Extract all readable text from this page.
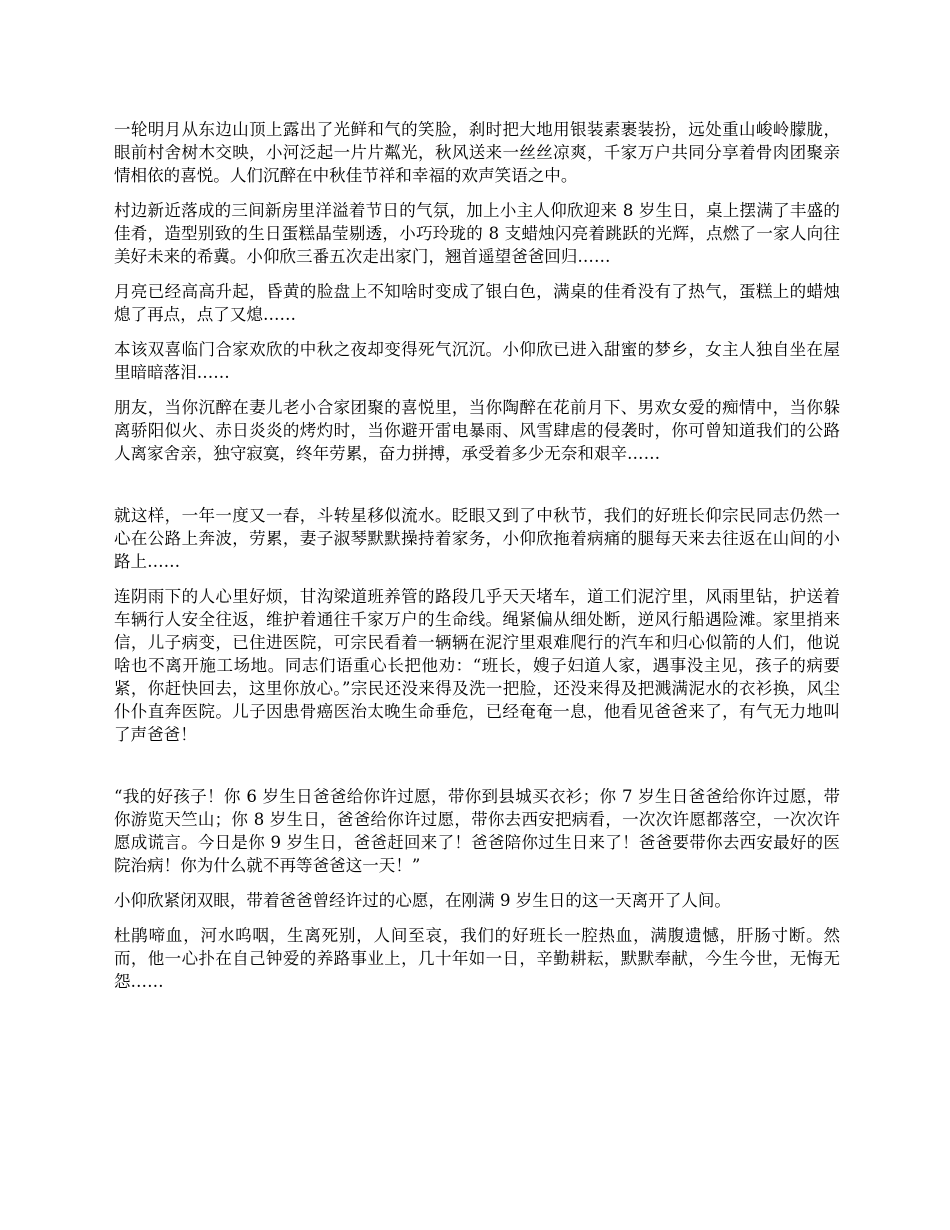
一轮明月从东边山顶上露出了光鲜和气的笑脸，刹时把大地用银装素裹装扮，远处重山峻岭朦胧，眼前村舍树木交映，小河泛起一片片粼光，秋风送来一丝丝凉爽，千家万户共同分享着骨肉团聚亲情相依的喜悦。人们沉醉在中秋佳节祥和幸福的欢声笑语之中。

村边新近落成的三间新房里洋溢着节日的气氛，加上小主人仰欣迎来 8 岁生日，桌上摆满了丰盛的佳肴，造型别致的生日蛋糕晶莹剔透，小巧玲珑的 8 支蜡烛闪亮着跳跃的光辉，点燃了一家人向往美好未来的希冀。小仰欣三番五次走出家门，翘首遥望爸爸回归……

月亮已经高高升起，昏黄的脸盘上不知啥时变成了银白色，满桌的佳肴没有了热气，蛋糕上的蜡烛熄了再点，点了又熄……

本该双喜临门合家欢欣的中秋之夜却变得死气沉沉。小仰欣已进入甜蜜的梦乡，女主人独自坐在屋里暗暗落泪……

朋友，当你沉醉在妻儿老小合家团聚的喜悦里，当你陶醉在花前月下、男欢女爱的痴情中，当你躲离骄阳似火、赤日炎炎的烤灼时，当你避开雷电暴雨、风雪肆虐的侵袭时，你可曾知道我们的公路人离家舍亲，独守寂寞，终年劳累，奋力拼搏，承受着多少无奈和艰辛……

就这样，一年一度又一春，斗转星移似流水。眨眼又到了中秋节，我们的好班长仰宗民同志仍然一心在公路上奔波，劳累，妻子淑琴默默操持着家务，小仰欣拖着病痛的腿每天来去往返在山间的小路上……

连阴雨下的人心里好烦，甘沟梁道班养管的路段几乎天天堵车，道工们泥泞里，风雨里钻，护送着车辆行人安全往返，维护着通往千家万户的生命线。绳紧偏从细处断，逆风行船遇险滩。家里捎来信，儿子病变，已住进医院，可宗民看着一辆辆在泥泞里艰难爬行的汽车和归心似箭的人们，他说啥也不离开施工场地。同志们语重心长把他劝：“班长，嫂子妇道人家，遇事没主见，孩子的病要紧，你赶快回去，这里你放心。”宗民还没来得及洗一把脸，还没来得及把溅满泥水的衣衫换，风尘仆仆直奔医院。儿子因患骨癌医治太晚生命垂危，已经奄奄一息，他看见爸爸来了，有气无力地叫了声爸爸！

“我的好孩子！你 6 岁生日爸爸给你许过愿，带你到县城买衣衫；你 7 岁生日爸爸给你许过愿，带你游览天竺山；你 8 岁生日，爸爸给你许过愿，带你去西安把病看，一次次许愿都落空，一次次许愿成谎言。今日是你 9 岁生日，爸爸赶回来了！爸爸陪你过生日来了！爸爸要带你去西安最好的医院治病！你为什么就不再等爸爸这一天！”

小仰欣紧闭双眼，带着爸爸曾经许过的心愿，在刚满 9 岁生日的这一天离开了人间。

杜鹃啼血，河水呜咽，生离死别，人间至哀，我们的好班长一腔热血，满腹遗憾，肝肠寸断。然而，他一心扑在自己钟爱的养路事业上，几十年如一日，辛勤耕耘，默默奉献，今生今世，无悔无怨……
